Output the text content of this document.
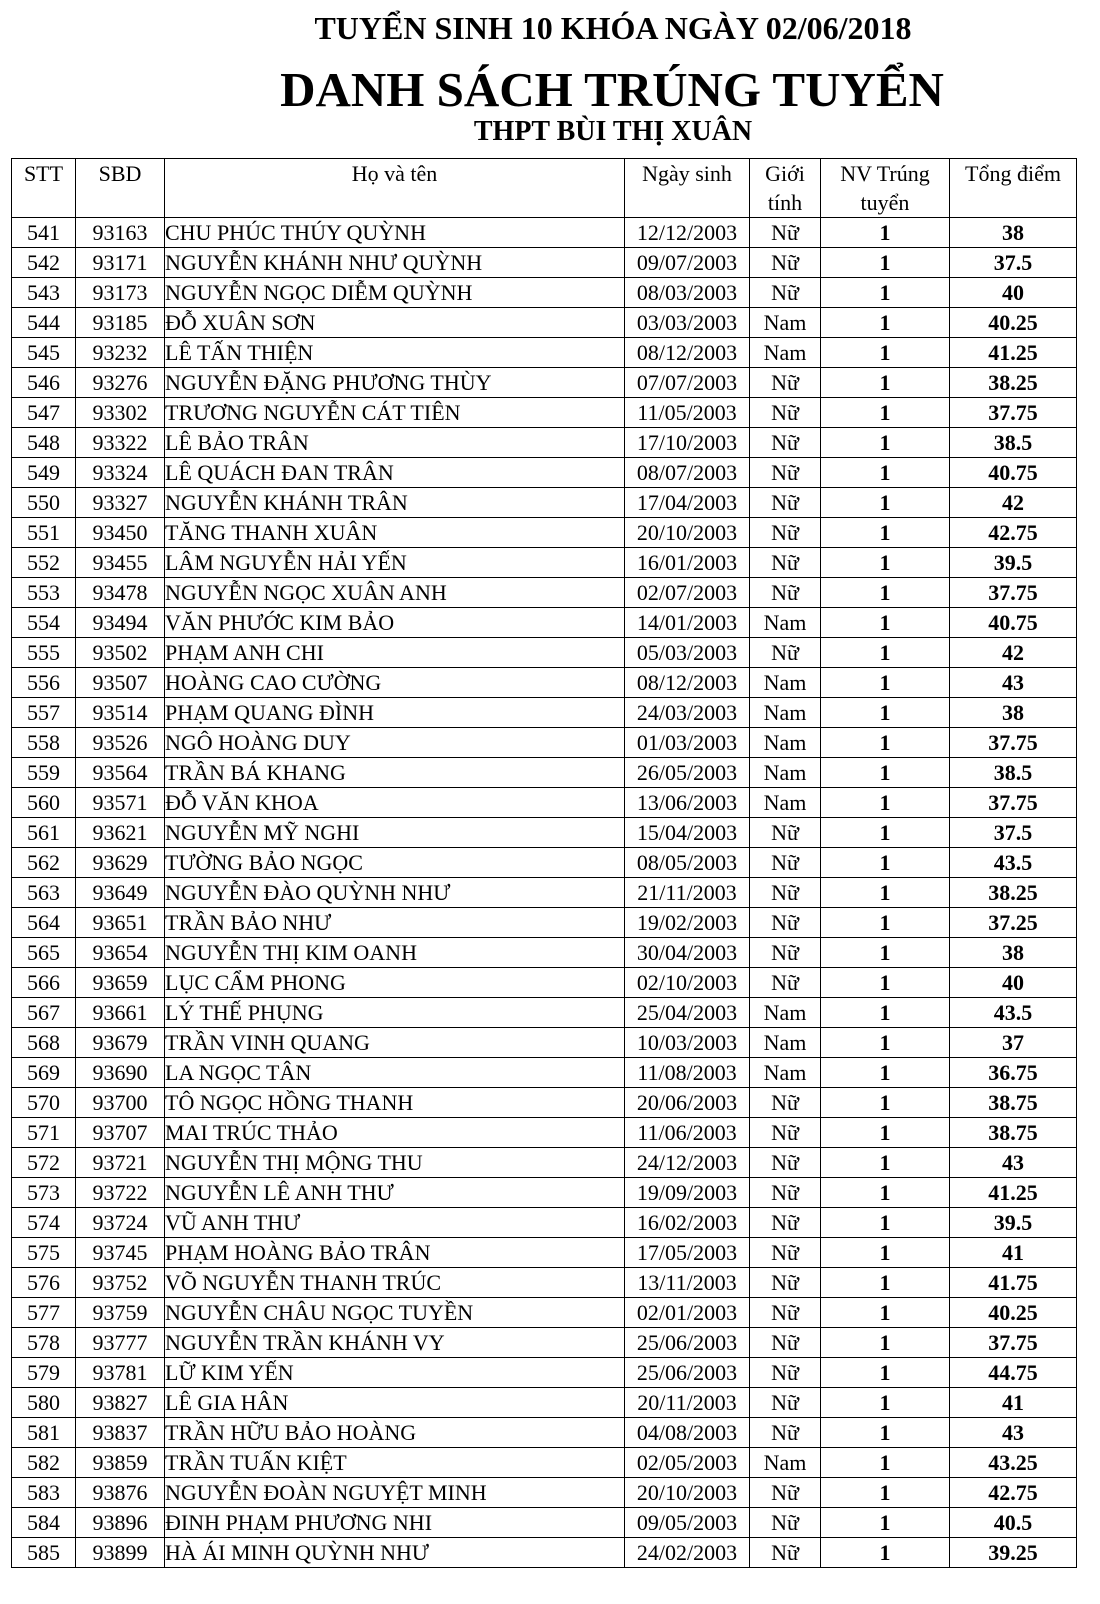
TUYỂN SINH 10 KHÓA NGÀY 02/06/2018
DANH SÁCH TRÚNG TUYỂN
THPT BÙI THỊ XUÂN
STT	SBD	Họ và tên	Ngày sinh	Giới tính	NV Trúng tuyển	Tổng điểm
541	93163	CHU PHÚC THÚY QUỲNH	12/12/2003	Nữ	1	38
542	93171	NGUYỄN KHÁNH NHƯ QUỲNH	09/07/2003	Nữ	1	37.5
543	93173	NGUYỄN NGỌC DIỄM QUỲNH	08/03/2003	Nữ	1	40
544	93185	ĐỖ XUÂN SƠN	03/03/2003	Nam	1	40.25
545	93232	LÊ TẤN THIỆN	08/12/2003	Nam	1	41.25
546	93276	NGUYỄN ĐẶNG PHƯƠNG THÙY	07/07/2003	Nữ	1	38.25
547	93302	TRƯƠNG NGUYỄN CÁT TIÊN	11/05/2003	Nữ	1	37.75
548	93322	LÊ BẢO TRÂN	17/10/2003	Nữ	1	38.5
549	93324	LÊ QUÁCH ĐAN TRÂN	08/07/2003	Nữ	1	40.75
550	93327	NGUYỄN KHÁNH TRÂN	17/04/2003	Nữ	1	42
551	93450	TĂNG THANH XUÂN	20/10/2003	Nữ	1	42.75
552	93455	LÂM NGUYỄN HẢI YẾN	16/01/2003	Nữ	1	39.5
553	93478	NGUYỄN NGỌC XUÂN ANH	02/07/2003	Nữ	1	37.75
554	93494	VĂN PHƯỚC KIM BẢO	14/01/2003	Nam	1	40.75
555	93502	PHẠM ANH CHI	05/03/2003	Nữ	1	42
556	93507	HOÀNG CAO CƯỜNG	08/12/2003	Nam	1	43
557	93514	PHẠM QUANG ĐÌNH	24/03/2003	Nam	1	38
558	93526	NGÔ HOÀNG DUY	01/03/2003	Nam	1	37.75
559	93564	TRẦN BÁ KHANG	26/05/2003	Nam	1	38.5
560	93571	ĐỖ VĂN KHOA	13/06/2003	Nam	1	37.75
561	93621	NGUYỄN MỸ NGHI	15/04/2003	Nữ	1	37.5
562	93629	TƯỜNG BẢO NGỌC	08/05/2003	Nữ	1	43.5
563	93649	NGUYỄN ĐÀO QUỲNH NHƯ	21/11/2003	Nữ	1	38.25
564	93651	TRẦN BẢO NHƯ	19/02/2003	Nữ	1	37.25
565	93654	NGUYỄN THỊ KIM OANH	30/04/2003	Nữ	1	38
566	93659	LỤC CẨM PHONG	02/10/2003	Nữ	1	40
567	93661	LÝ THẾ PHỤNG	25/04/2003	Nam	1	43.5
568	93679	TRẦN VINH QUANG	10/03/2003	Nam	1	37
569	93690	LA NGỌC TÂN	11/08/2003	Nam	1	36.75
570	93700	TÔ NGỌC HỒNG THANH	20/06/2003	Nữ	1	38.75
571	93707	MAI TRÚC THẢO	11/06/2003	Nữ	1	38.75
572	93721	NGUYỄN THỊ MỘNG THU	24/12/2003	Nữ	1	43
573	93722	NGUYỄN LÊ ANH THƯ	19/09/2003	Nữ	1	41.25
574	93724	VŨ ANH THƯ	16/02/2003	Nữ	1	39.5
575	93745	PHẠM HOÀNG BẢO TRÂN	17/05/2003	Nữ	1	41
576	93752	VÕ NGUYỄN THANH TRÚC	13/11/2003	Nữ	1	41.75
577	93759	NGUYỄN CHÂU NGỌC TUYỀN	02/01/2003	Nữ	1	40.25
578	93777	NGUYỄN TRẦN KHÁNH VY	25/06/2003	Nữ	1	37.75
579	93781	LỮ KIM YẾN	25/06/2003	Nữ	1	44.75
580	93827	LÊ GIA HÂN	20/11/2003	Nữ	1	41
581	93837	TRẦN HỮU BẢO HOÀNG	04/08/2003	Nữ	1	43
582	93859	TRẦN TUẤN KIỆT	02/05/2003	Nam	1	43.25
583	93876	NGUYỄN ĐOÀN NGUYỆT MINH	20/10/2003	Nữ	1	42.75
584	93896	ĐINH PHẠM PHƯƠNG NHI	09/05/2003	Nữ	1	40.5
585	93899	HÀ ÁI MINH QUỲNH NHƯ	24/02/2003	Nữ	1	39.25
